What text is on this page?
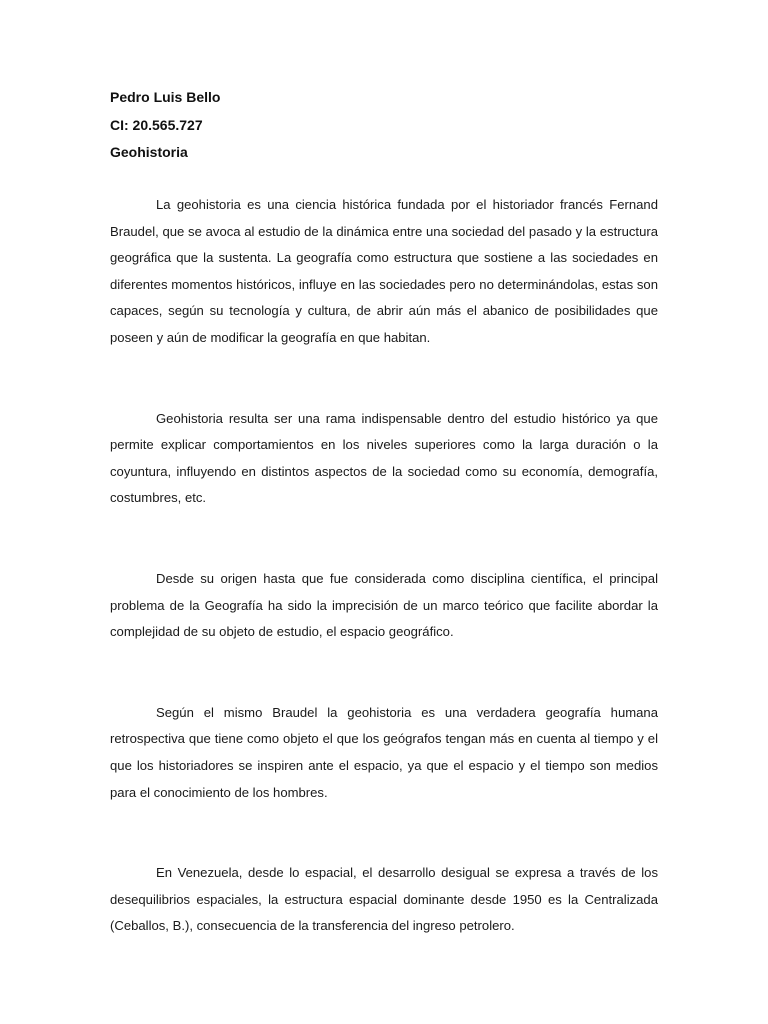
Pedro Luis Bello
CI: 20.565.727
Geohistoria

La geohistoria es una ciencia histórica fundada por el historiador francés Fernand Braudel, que se avoca al estudio de la dinámica entre una sociedad del pasado y la estructura geográfica que la sustenta. La geografía como estructura que sostiene a las sociedades en diferentes momentos históricos, influye en las sociedades pero no determinándolas, estas son capaces, según su tecnología y cultura, de abrir aún más el abanico de posibilidades que poseen y aún de modificar la geografía en que habitan.

Geohistoria resulta ser una rama indispensable dentro del estudio histórico ya que permite explicar comportamientos en los niveles superiores como la larga duración o la coyuntura, influyendo en distintos aspectos de la sociedad como su economía, demografía, costumbres, etc.

Desde su origen hasta que fue considerada como disciplina científica, el principal problema de la Geografía ha sido la imprecisión de un marco teórico que facilite abordar la complejidad de su objeto de estudio, el espacio geográfico.

Según el mismo Braudel la geohistoria es una verdadera geografía humana retrospectiva que tiene como objeto el que los geógrafos tengan más en cuenta al tiempo y el que los historiadores se inspiren ante el espacio, ya que el espacio y el tiempo son medios para el conocimiento de los hombres.

En Venezuela, desde lo espacial, el desarrollo desigual se expresa a través de los desequilibrios espaciales, la estructura espacial dominante desde 1950 es la Centralizada (Ceballos, B.), consecuencia de la transferencia del ingreso petrolero.
